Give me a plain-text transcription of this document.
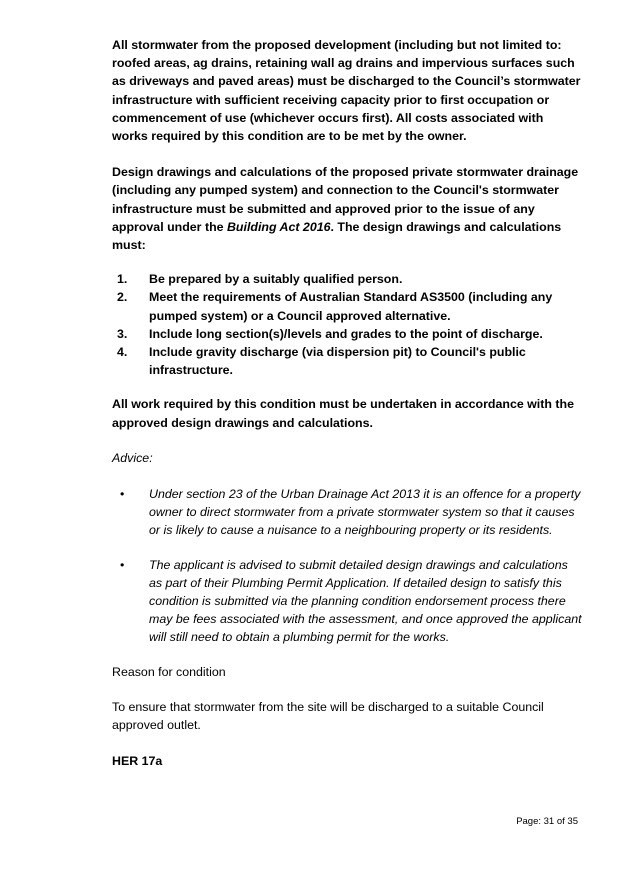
All stormwater from the proposed development (including but not limited to: roofed areas, ag drains, retaining wall ag drains and impervious surfaces such as driveways and paved areas) must be discharged to the Council’s stormwater infrastructure with sufficient receiving capacity prior to first occupation or commencement of use (whichever occurs first). All costs associated with works required by this condition are to be met by the owner.

Design drawings and calculations of the proposed private stormwater drainage (including any pumped system) and connection to the Council's stormwater infrastructure must be submitted and approved prior to the issue of any approval under the Building Act 2016. The design drawings and calculations must:

1. Be prepared by a suitably qualified person.
2. Meet the requirements of Australian Standard AS3500 (including any pumped system) or a Council approved alternative.
3. Include long section(s)/levels and grades to the point of discharge.
4. Include gravity discharge (via dispersion pit) to Council's public infrastructure.

All work required by this condition must be undertaken in accordance with the approved design drawings and calculations.

Advice:

• Under section 23 of the Urban Drainage Act 2013 it is an offence for a property owner to direct stormwater from a private stormwater system so that it causes or is likely to cause a nuisance to a neighbouring property or its residents.
• The applicant is advised to submit detailed design drawings and calculations as part of their Plumbing Permit Application. If detailed design to satisfy this condition is submitted via the planning condition endorsement process there may be fees associated with the assessment, and once approved the applicant will still need to obtain a plumbing permit for the works.

Reason for condition

To ensure that stormwater from the site will be discharged to a suitable Council approved outlet.

HER 17a

Page: 31 of 35
